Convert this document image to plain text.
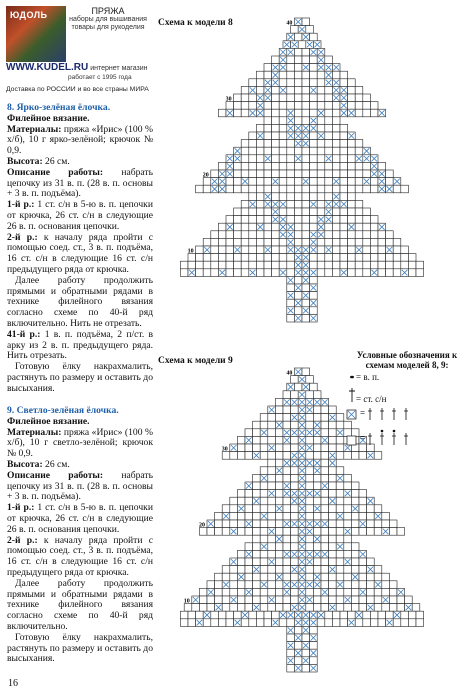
ЮДОЛЬ	ПРЯЖА
наборы для вышивания
товары для рукоделия
WWW.KUDEL.RU интернет магазин
работает с 1995 года
Доставка по РОССИИ и во все страны МИРА

8. Ярко-зелёная ёлочка.

Филейное вязание.

Материалы: пряжа «Ирис» (100 % х/б), 10 г ярко-зелёной; крючок № 0,9.

Высота: 26 см.

Описание работы: набрать цепочку из 31 в. п. (28 в. п. основы + 3 в. п. подъёма).

1-й р.: 1 ст. с/н в 5-ю в. п. цепочки от крючка, 26 ст. с/н в следующие 26 в. п. основания цепочки.

2-й р.: к началу ряда пройти с помощью соед. ст., 3 в. п. подъёма, 16 ст. с/н в следующие 16 ст. с/н предыдущего ряда от крючка.

Далее работу продолжить прямыми и обратными рядами в технике филейного вязания согласно схеме по 40-й ряд включительно. Нить не отрезать.

41-й р.: 1 в. п. подъёма, 2 п/ст. в арку из 2 в. п. предыдущего ряда. Нить отрезать.

Готовую ёлку накрахмалить, растянуть по размеру и оставить до высыхания.

9. Светло-зелёная ёлочка.

Филейное вязание.

Материалы: пряжа «Ирис» (100 % х/б), 10 г светло-зелёной; крючок № 0,9.

Высота: 26 см.

Описание работы: набрать цепочку из 31 в. п. (28 в. п. основы + 3 в. п. подъёма).

1-й р.: 1 ст. с/н в 5-ю в. п. цепочки от крючка, 26 ст. с/н в следующие 26 в. п. основания цепочки.

2-й р.: к началу ряда пройти с помощью соед. ст., 3 в. п. подъёма, 16 ст. с/н в следующие 16 ст. с/н предыдущего ряда от крючка.

Далее работу продолжить прямыми и обратными рядами в технике филейного вязания согласно схеме по 40-й ряд включительно.

Готовую ёлку накрахмалить, растянуть по размеру и оставить до высыхания.

Схема к модели 8
Схема к модели 9
40
30
20
10
40
30
20
10
=
=
Условные обозначения к схемам моделей 8, 9:
= в. п.
= ст. с/н
16
